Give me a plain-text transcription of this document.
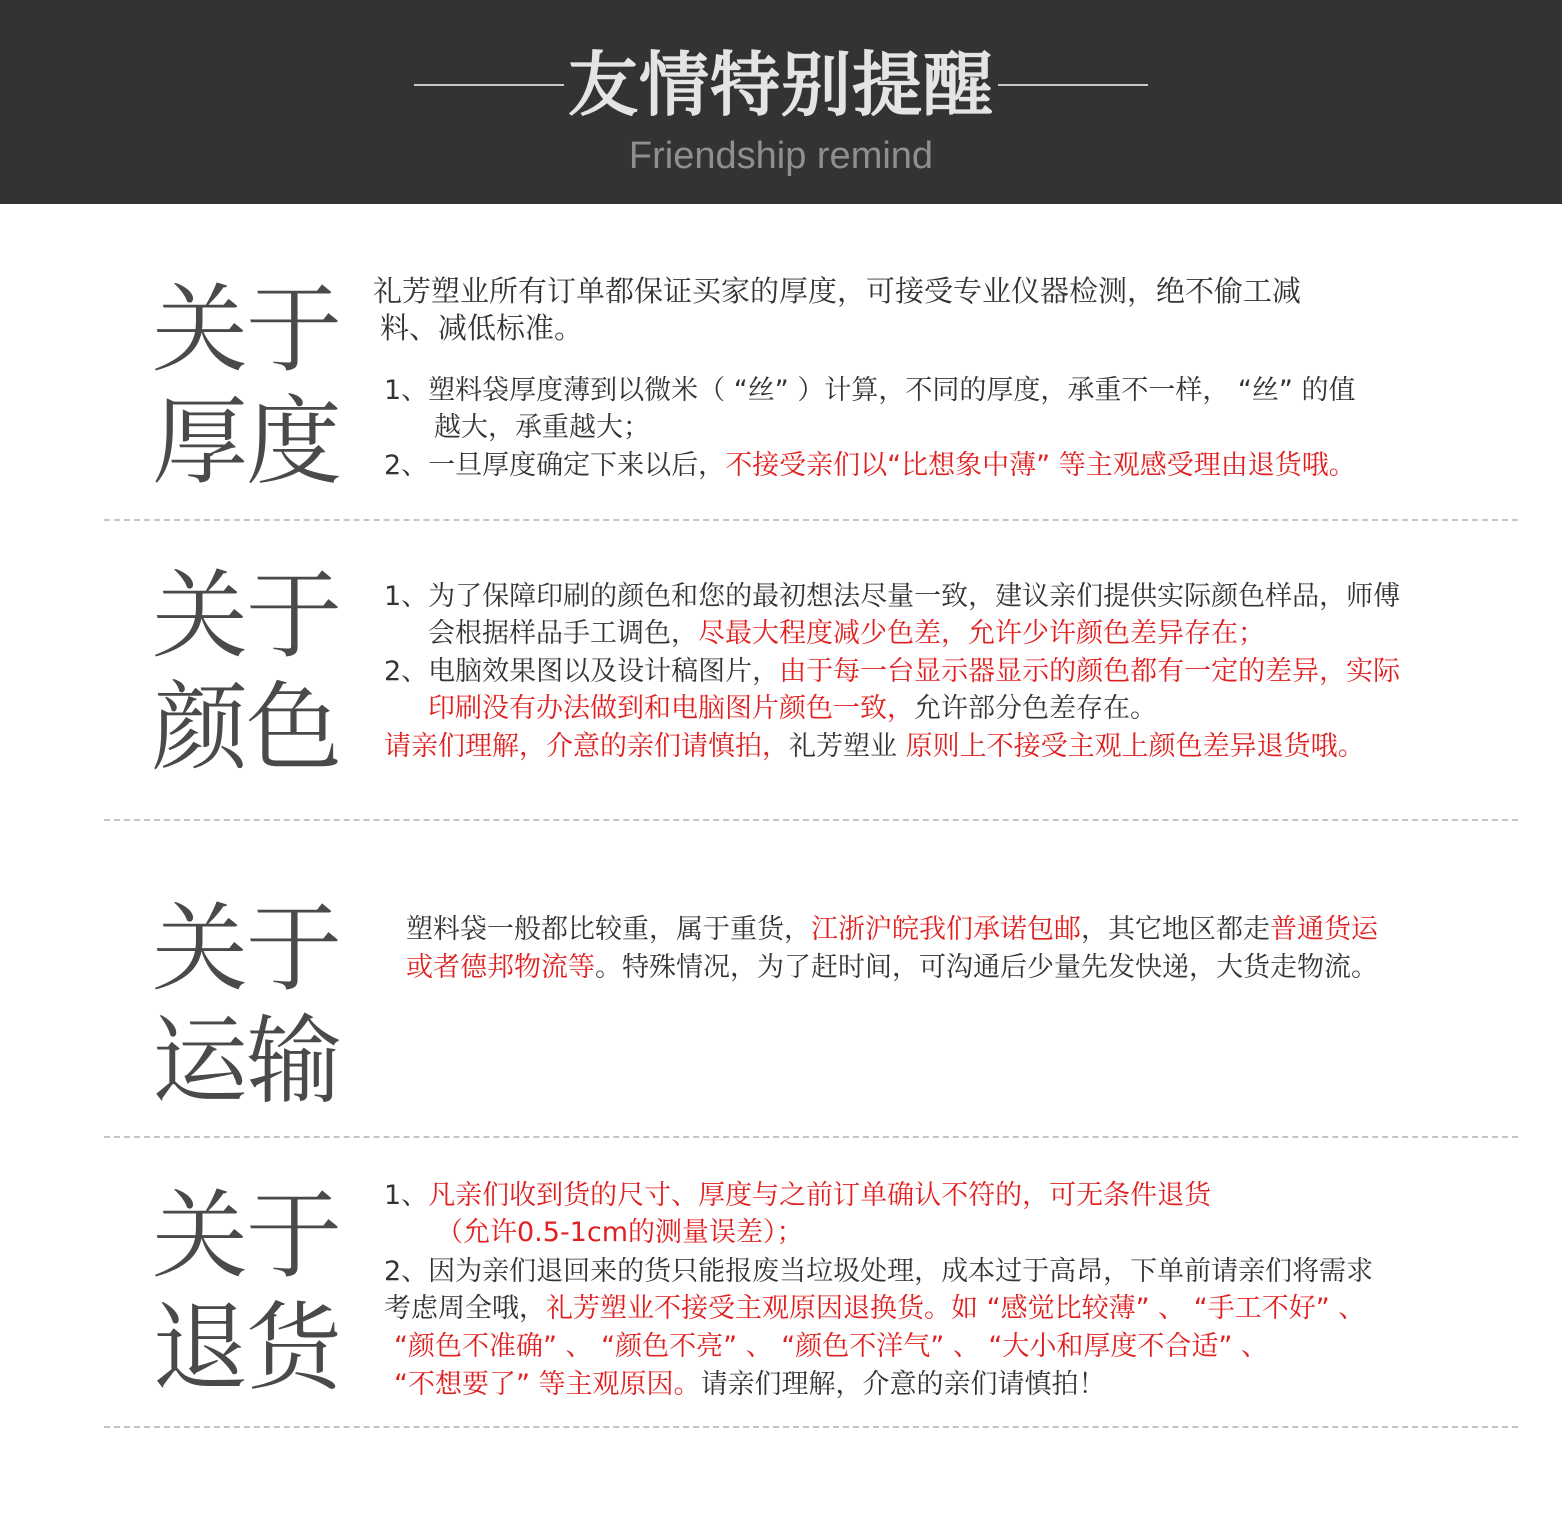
友情特别提醒
Friendship remind
关于
厚度
礼芳塑业所有订单都保证买家的厚度，可接受专业仪器检测，绝不偷工减
料、减低标准。
1、塑料袋厚度薄到以微米（ “丝” ）计算，不同的厚度，承重不一样， “丝” 的值
越大，承重越大；
2、一旦厚度确定下来以后，不接受亲们以“比想象中薄” 等主观感受理由退货哦。
关于
颜色
1、为了保障印刷的颜色和您的最初想法尽量一致，建议亲们提供实际颜色样品，师傅
会根据样品手工调色，尽最大程度减少色差，允许少许颜色差异存在；
2、电脑效果图以及设计稿图片，由于每一台显示器显示的颜色都有一定的差异，实际
印刷没有办法做到和电脑图片颜色一致，允许部分色差存在。
请亲们理解，介意的亲们请慎拍，礼芳塑业 原则上不接受主观上颜色差异退货哦。
关于
运输
塑料袋一般都比较重，属于重货，江浙沪皖我们承诺包邮，其它地区都走普通货运
或者德邦物流等。特殊情况，为了赶时间，可沟通后少量先发快递，大货走物流。
关于
退货
1、凡亲们收到货的尺寸、厚度与之前订单确认不符的，可无条件退货
（允许0.5-1cm的测量误差）；
2、因为亲们退回来的货只能报废当垃圾处理，成本过于高昂，下单前请亲们将需求
考虑周全哦，礼芳塑业不接受主观原因退换货。如 “感觉比较薄” 、 “手工不好” 、
“颜色不准确” 、 “颜色不亮” 、 “颜色不洋气” 、 “大小和厚度不合适” 、
“不想要了” 等主观原因。请亲们理解，介意的亲们请慎拍！
